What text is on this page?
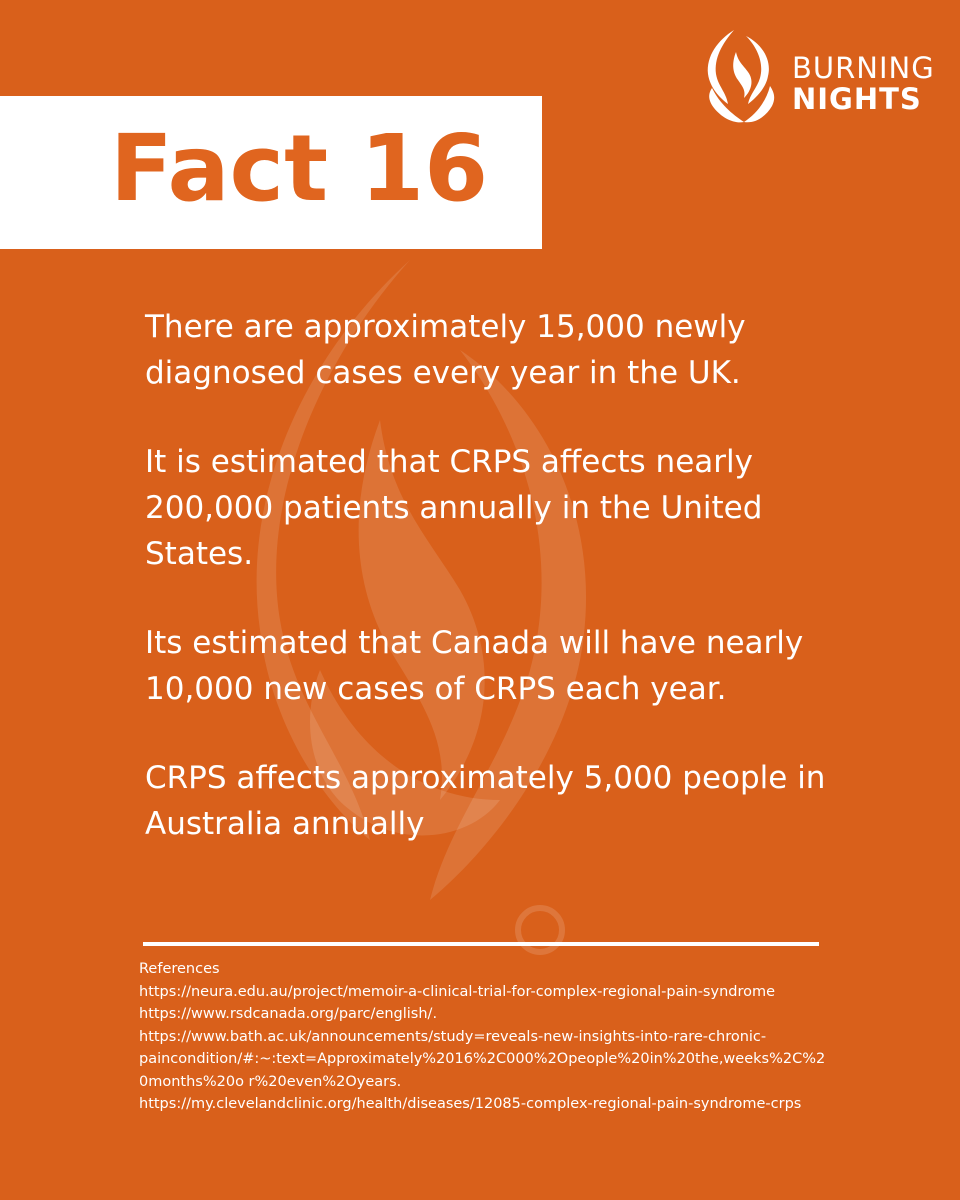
BURNING
NIGHTS
Fact 16

There are approximately 15,000 newly diagnosed cases every year in the UK.

It is estimated that CRPS affects nearly 200,000 patients annually in the United States.

Its estimated that Canada will have nearly 10,000 new cases of CRPS each year.

CRPS affects approximately 5,000 people in Australia annually

References
https://neura.edu.au/project/memoir-a-clinical-trial-for-complex-regional-pain-syndrome
https://www.rsdcanada.org/parc/english/.
https://www.bath.ac.uk/announcements/study=reveals-new-insights-into-rare-chronic-paincondition/#:~:text=Approximately%2016%2C000%2Opeople%20in%20the,weeks%2C%20months%20o r%20even%2Oyears.
https://my.clevelandclinic.org/health/diseases/12085-complex-regional-pain-syndrome-crps
